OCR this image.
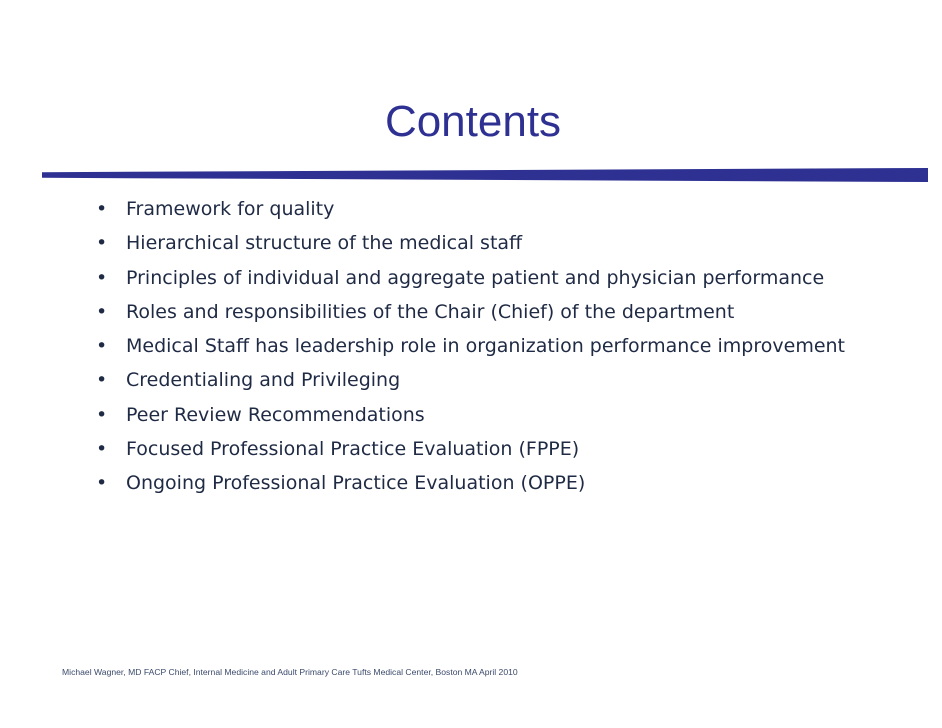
Contents
• Framework for quality
• Hierarchical structure of the medical staff
• Principles of individual and aggregate patient and physician performance
• Roles and responsibilities of the Chair (Chief) of the department
• Medical Staff has leadership role in organization performance improvement
• Credentialing and Privileging
• Peer Review Recommendations
• Focused Professional Practice Evaluation (FPPE)
• Ongoing Professional Practice Evaluation (OPPE)
Michael Wagner, MD FACP Chief, Internal Medicine and Adult Primary Care Tufts Medical Center, Boston MA April 2010
